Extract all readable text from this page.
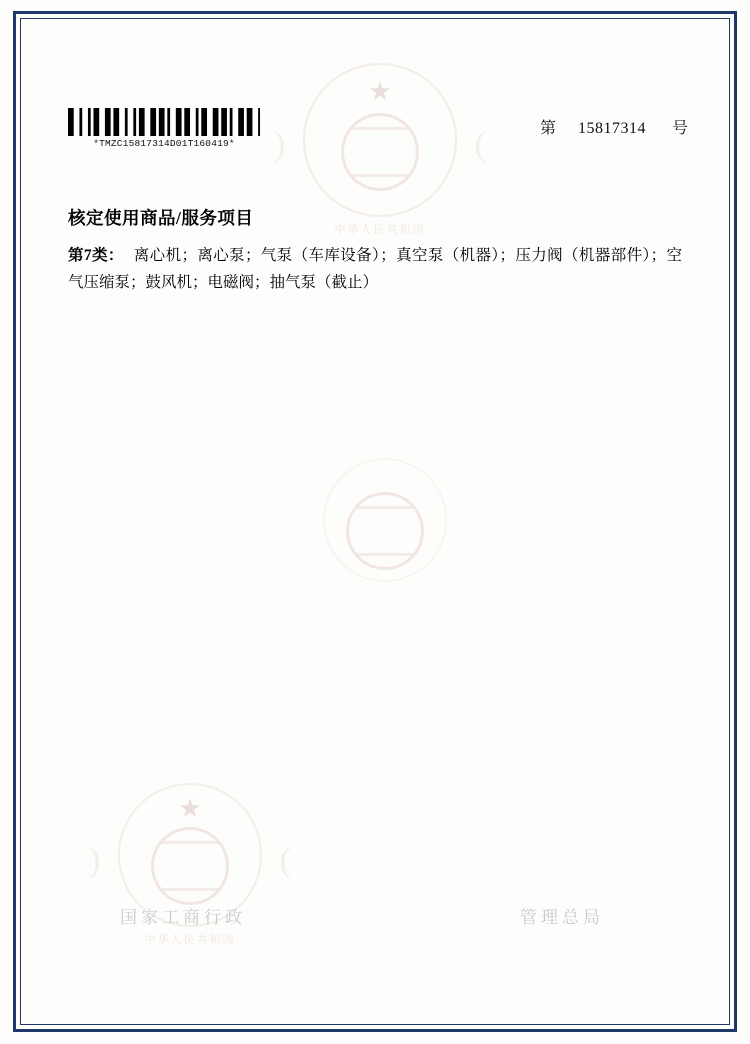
★
)	(
中华人民共和国
★
)	(
中华人民共和国
国家工商行政	管理总局
*TMZC15817314D01T160419*
第 15817314 号
核定使用商品/服务项目

第7类： 离心机；离心泵；气泵（车库设备）；真空泵（机器）；压力阀（机器部件）；空气压缩泵；鼓风机；电磁阀；抽气泵（截止）
